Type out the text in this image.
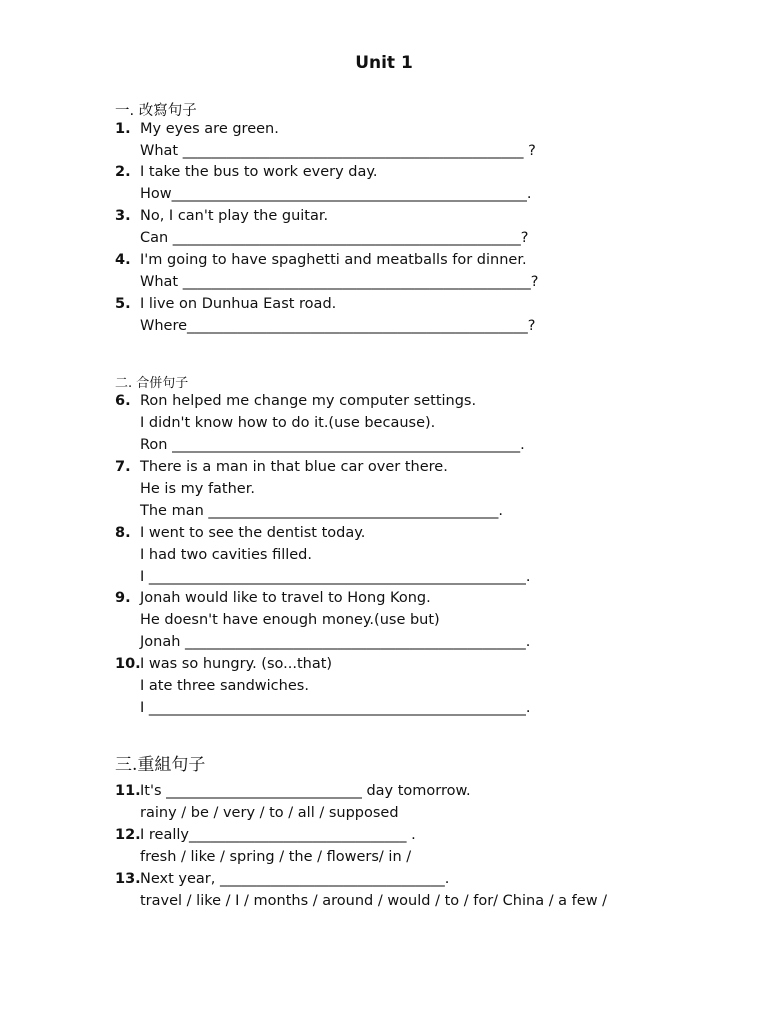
Unit 1
一. 改寫句子
1. My eyes are green.
What _______________________________________________ ?
2. I take the bus to work every day.
How_________________________________________________.
3. No, I can't play the guitar.
Can ________________________________________________?
4. I'm going to have spaghetti and meatballs for dinner.
What ________________________________________________?
5. I live on Dunhua East road.
Where_______________________________________________?
二. 合併句子
6. Ron helped me change my computer settings.
I didn't know how to do it.(use because).
Ron ________________________________________________.
7. There is a man in that blue car over there.
He is my father.
The man ________________________________________.
8. I went to see the dentist today.
I had two cavities filled.
I ____________________________________________________.
9. Jonah would like to travel to Hong Kong.
He doesn't have enough money.(use but)
Jonah _______________________________________________.
10. I was so hungry. (so...that)
I ate three sandwiches.
I ____________________________________________________.
三.重組句子
11. It's ___________________________ day tomorrow.
rainy / be / very / to / all / supposed
12. I really______________________________ .
fresh / like / spring / the / flowers/ in /
13. Next year, _______________________________.
travel / like / I / months / around / would / to / for/ China / a few /
